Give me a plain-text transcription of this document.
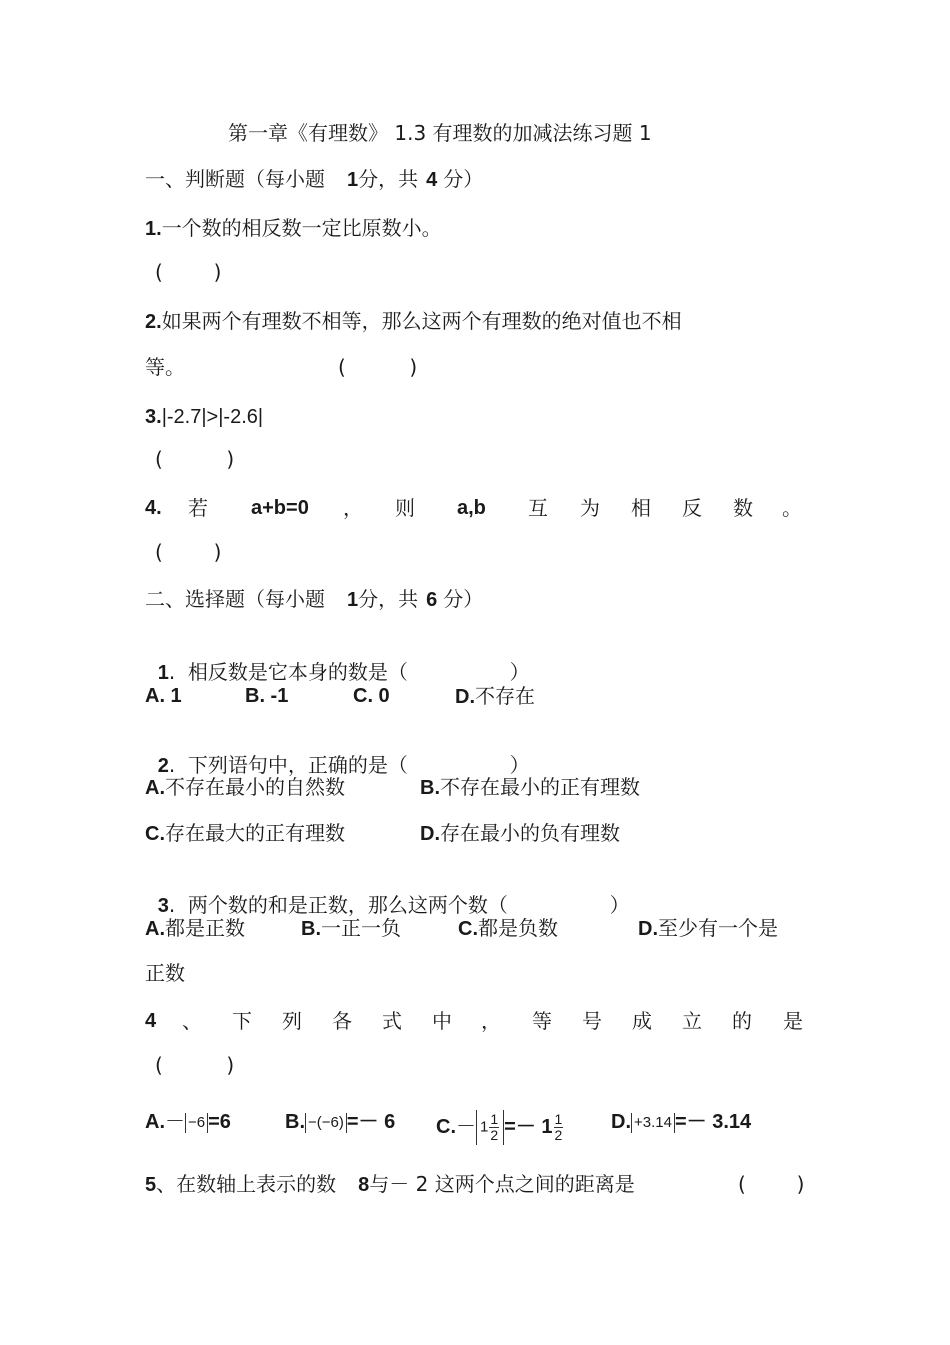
第一章《有理数》 1.3 有理数的加减法练习题 1
一、判断题（每小题 1分，共 4 分）
1.一个数的相反数一定比原数小。
(        )
2.如果两个有理数不相等，那么这两个有理数的绝对值也不相
等。	(          )
3.|-2.7|>|-2.6|
(          )
4. 若 a+b=0 ， 则 a,b 互 为 相 反 数 。
(        )
二、选择题（每小题 1分，共 6 分）

1.  相反数是它本身的数是（                ）

A. 1	B. -1	C. 0	D.不存在

2.  下列语句中，正确的是（                ）

A.不存在最小的自然数	B.不存在最小的正有理数
C.存在最大的正有理数	D.存在最小的负有理数

3.  两个数的和是正数，那么这两个数（                ）

A.都是正数	B.一正一负	C.都是负数	D.至少有一个是
正数
4 、 下 列 各 式 中 ， 等 号 成 立 的 是
(          )
A.－ −6 =6	B. −(−6) =－ 6 $C.- 1 \frac{1}{2} =- 1 \frac{1}{2} D$. +3.14 =－ 3.14
5、在数轴上表示的数 8与－ 2 这两个点之间的距离是	(        )
